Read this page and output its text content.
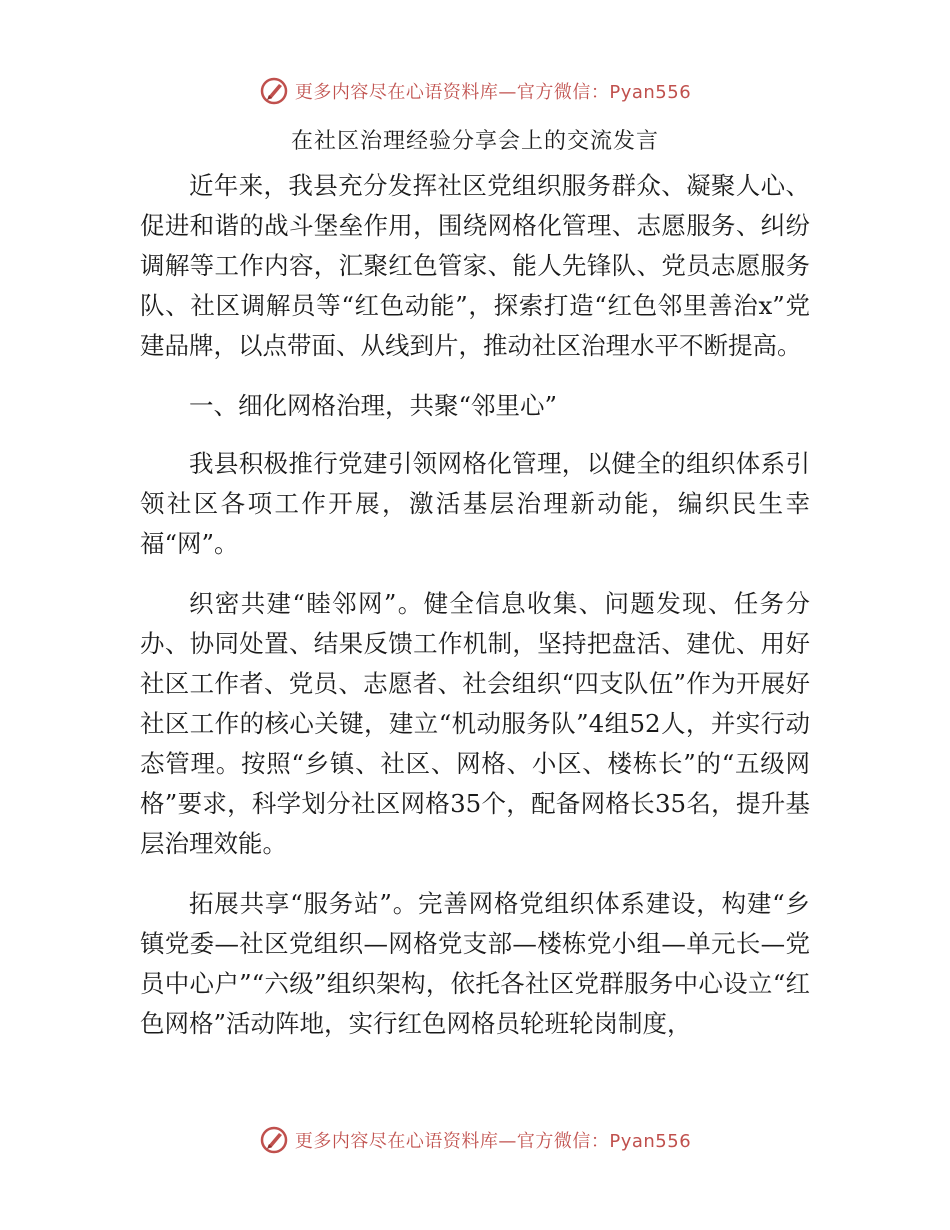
更多内容尽在心语资料库—官方微信：Pyan556
在社区治理经验分享会上的交流发言

近年来，我县充分发挥社区党组织服务群众、凝聚人心、促进和谐的战斗堡垒作用，围绕网格化管理、志愿服务、纠纷调解等工作内容，汇聚红色管家、能人先锋队、党员志愿服务队、社区调解员等“红色动能”，探索打造“红色邻里善治x”党建品牌，以点带面、从线到片，推动社区治理水平不断提高。

一、细化网格治理，共聚“邻里心”

我县积极推行党建引领网格化管理，以健全的组织体系引领社区各项工作开展，激活基层治理新动能，编织民生幸福“网”。

织密共建“睦邻网”。健全信息收集、问题发现、任务分办、协同处置、结果反馈工作机制，坚持把盘活、建优、用好社区工作者、党员、志愿者、社会组织“四支队伍”作为开展好社区工作的核心关键，建立“机动服务队”4组52人，并实行动态管理。按照“乡镇、社区、网格、小区、楼栋长”的“五级网格”要求，科学划分社区网格35个，配备网格长35名，提升基层治理效能。

拓展共享“服务站”。完善网格党组织体系建设，构建“乡镇党委—社区党组织—网格党支部—楼栋党小组—单元长—党员中心户”“六级”组织架构，依托各社区党群服务中心设立“红色网格”活动阵地，实行红色网格员轮班轮岗制度，

更多内容尽在心语资料库—官方微信：Pyan556
